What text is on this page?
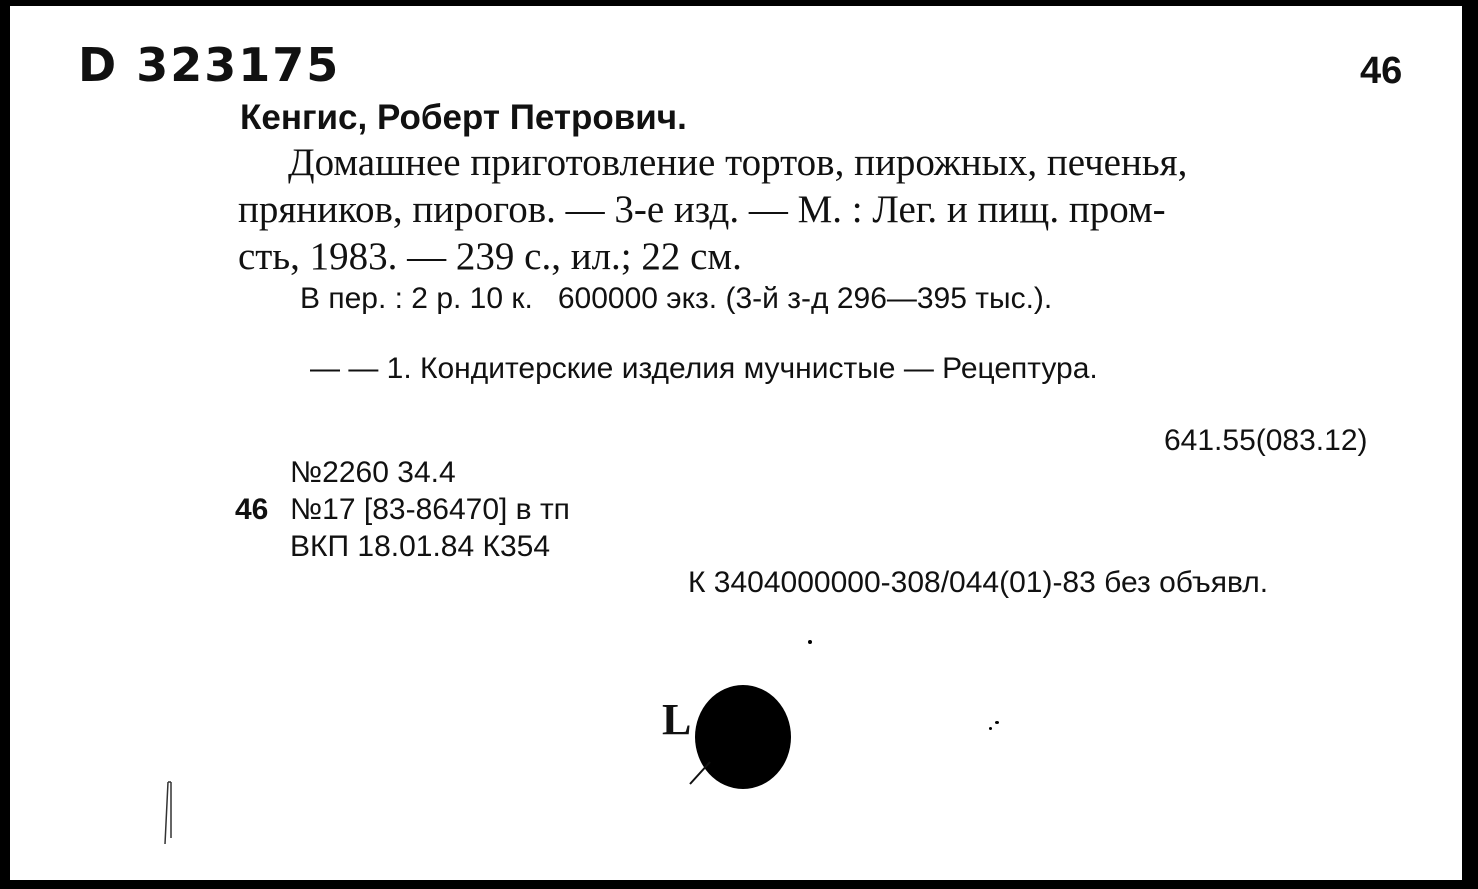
D 323175	46
Кенгис, Роберт Петрович.
Домашнее приготовление тортов, пирожных, печенья,
пряников, пирогов. — 3-е изд. — М. : Лег. и пищ. пром-
сть, 1983. — 239 с., ил.; 22 см.
В пер. : 2 р. 10 к.   600000 экз. (3-й з-д 296—395 тыс.).
— — 1. Кондитерские изделия мучнистые — Рецептура.
641.55(083.12)
№2260 34.4
46 №17 [83-86470] в тп
ВКП 18.01.84 К354
К 3404000000-308/044(01)-83 без объявл.
L
